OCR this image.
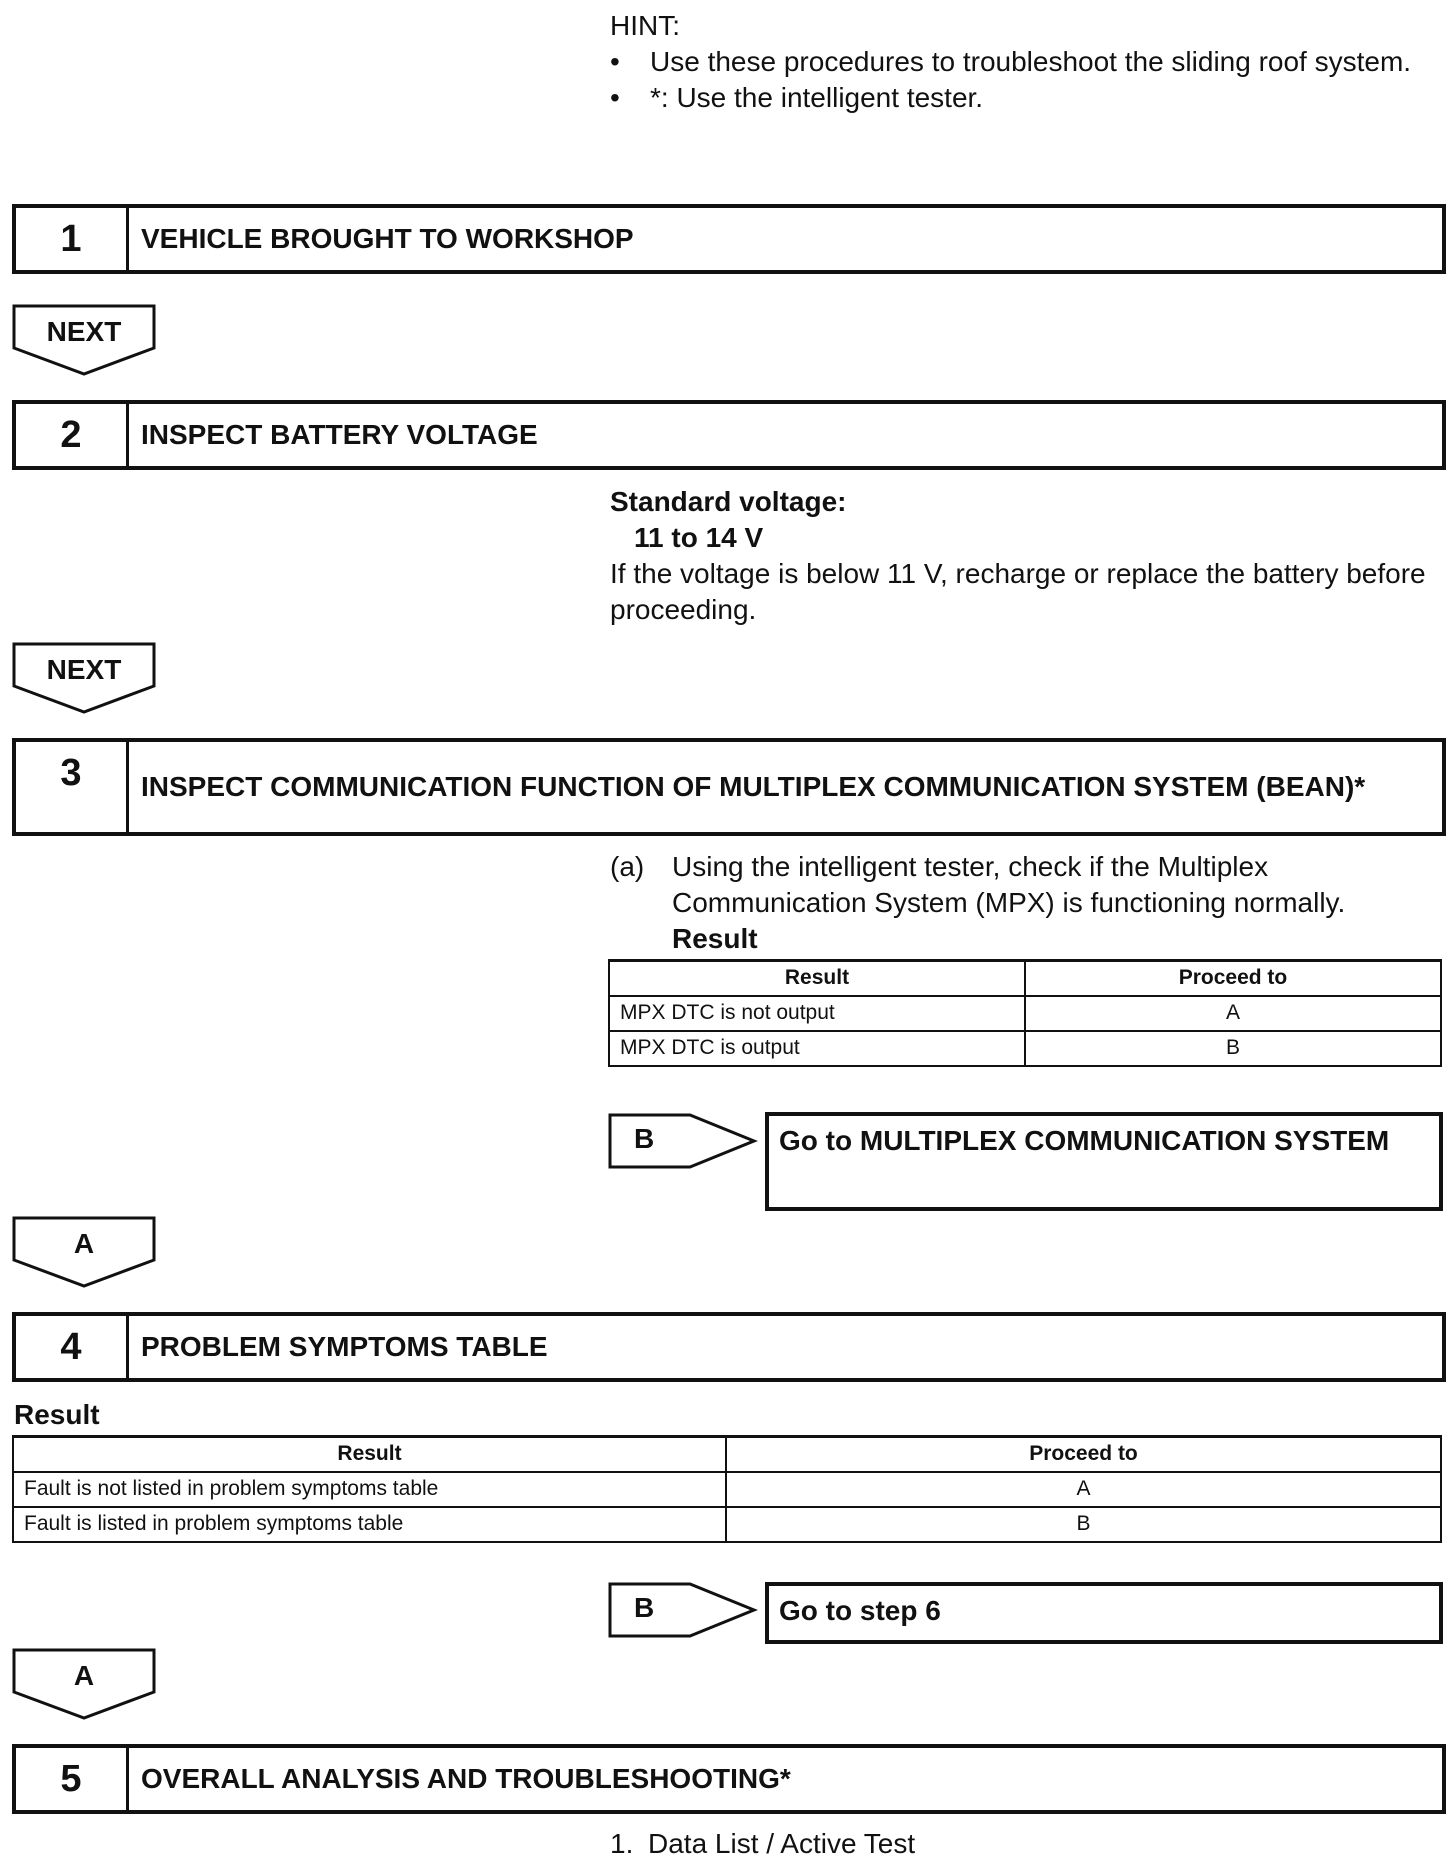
HINT:
• Use these procedures to troubleshoot the sliding roof system.
• *: Use the intelligent tester.
1	VEHICLE BROUGHT TO WORKSHOP
NEXT
2	INSPECT BATTERY VOLTAGE
Standard voltage:
11 to 14 V
If the voltage is below 11 V, recharge or replace the battery before proceeding.
NEXT
3	INSPECT COMMUNICATION FUNCTION OF MULTIPLEX COMMUNICATION SYSTEM (BEAN)*
(a) Using the intelligent tester, check if the Multiplex Communication System (MPX) is functioning normally.
Result
Result	Proceed to
MPX DTC is not output	A
MPX DTC is output	B
B	Go to MULTIPLEX COMMUNICATION SYSTEM
A
4	PROBLEM SYMPTOMS TABLE
Result
Result	Proceed to
Fault is not listed in problem symptoms table	A
Fault is listed in problem symptoms table	B
B	Go to step 6
A
5	OVERALL ANALYSIS AND TROUBLESHOOTING*
1. Data List / Active Test
